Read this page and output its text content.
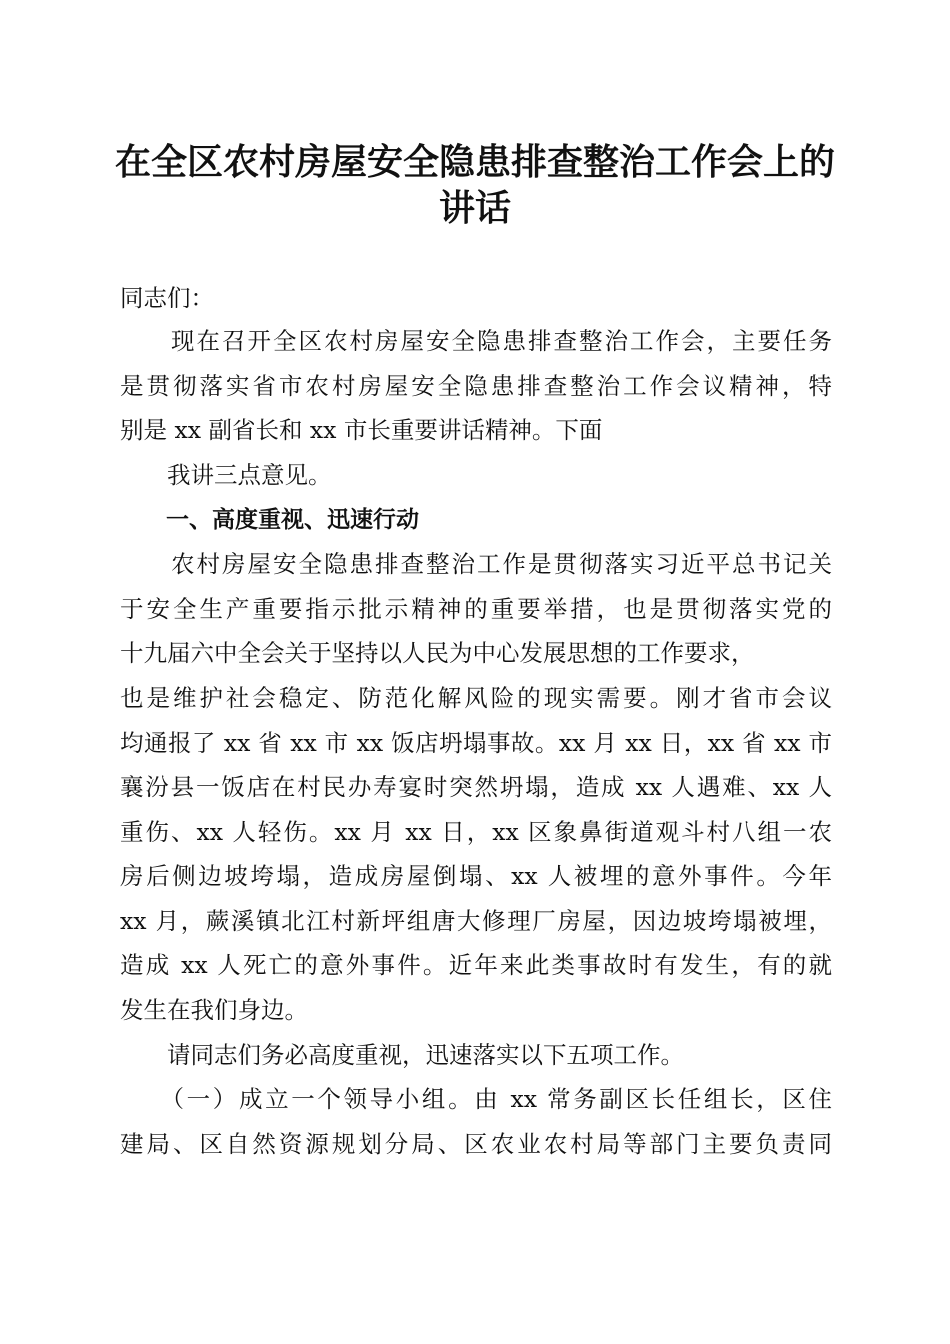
在全区农村房屋安全隐患排查整治工作会上的
讲话

同志们：

　　现在召开全区农村房屋安全隐患排查整治工作会，主要任务

是贯彻落实省市农村房屋安全隐患排查整治工作会议精神，特

别是 xx 副省长和 xx 市长重要讲话精神。下面

　　我讲三点意见。

　　一、高度重视、迅速行动

　　农村房屋安全隐患排查整治工作是贯彻落实习近平总书记关

于安全生产重要指示批示精神的重要举措，也是贯彻落实党的

十九届六中全会关于坚持以人民为中心发展思想的工作要求，

也是维护社会稳定、防范化解风险的现实需要。刚才省市会议

均通报了 xx 省 xx 市 xx 饭店坍塌事故。xx 月 xx 日，xx 省 xx 市

襄汾县一饭店在村民办寿宴时突然坍塌，造成 xx 人遇难、xx 人

重伤、xx 人轻伤。xx 月 xx 日，xx 区象鼻街道观斗村八组一农

房后侧边坡垮塌，造成房屋倒塌、xx 人被埋的意外事件。今年

xx 月，蕨溪镇北江村新坪组唐大修理厂房屋，因边坡垮塌被埋，

造成 xx 人死亡的意外事件。近年来此类事故时有发生，有的就

发生在我们身边。

　　请同志们务必高度重视，迅速落实以下五项工作。

　　（一）成立一个领导小组。由 xx 常务副区长任组长，区住

建局、区自然资源规划分局、区农业农村局等部门主要负责同
